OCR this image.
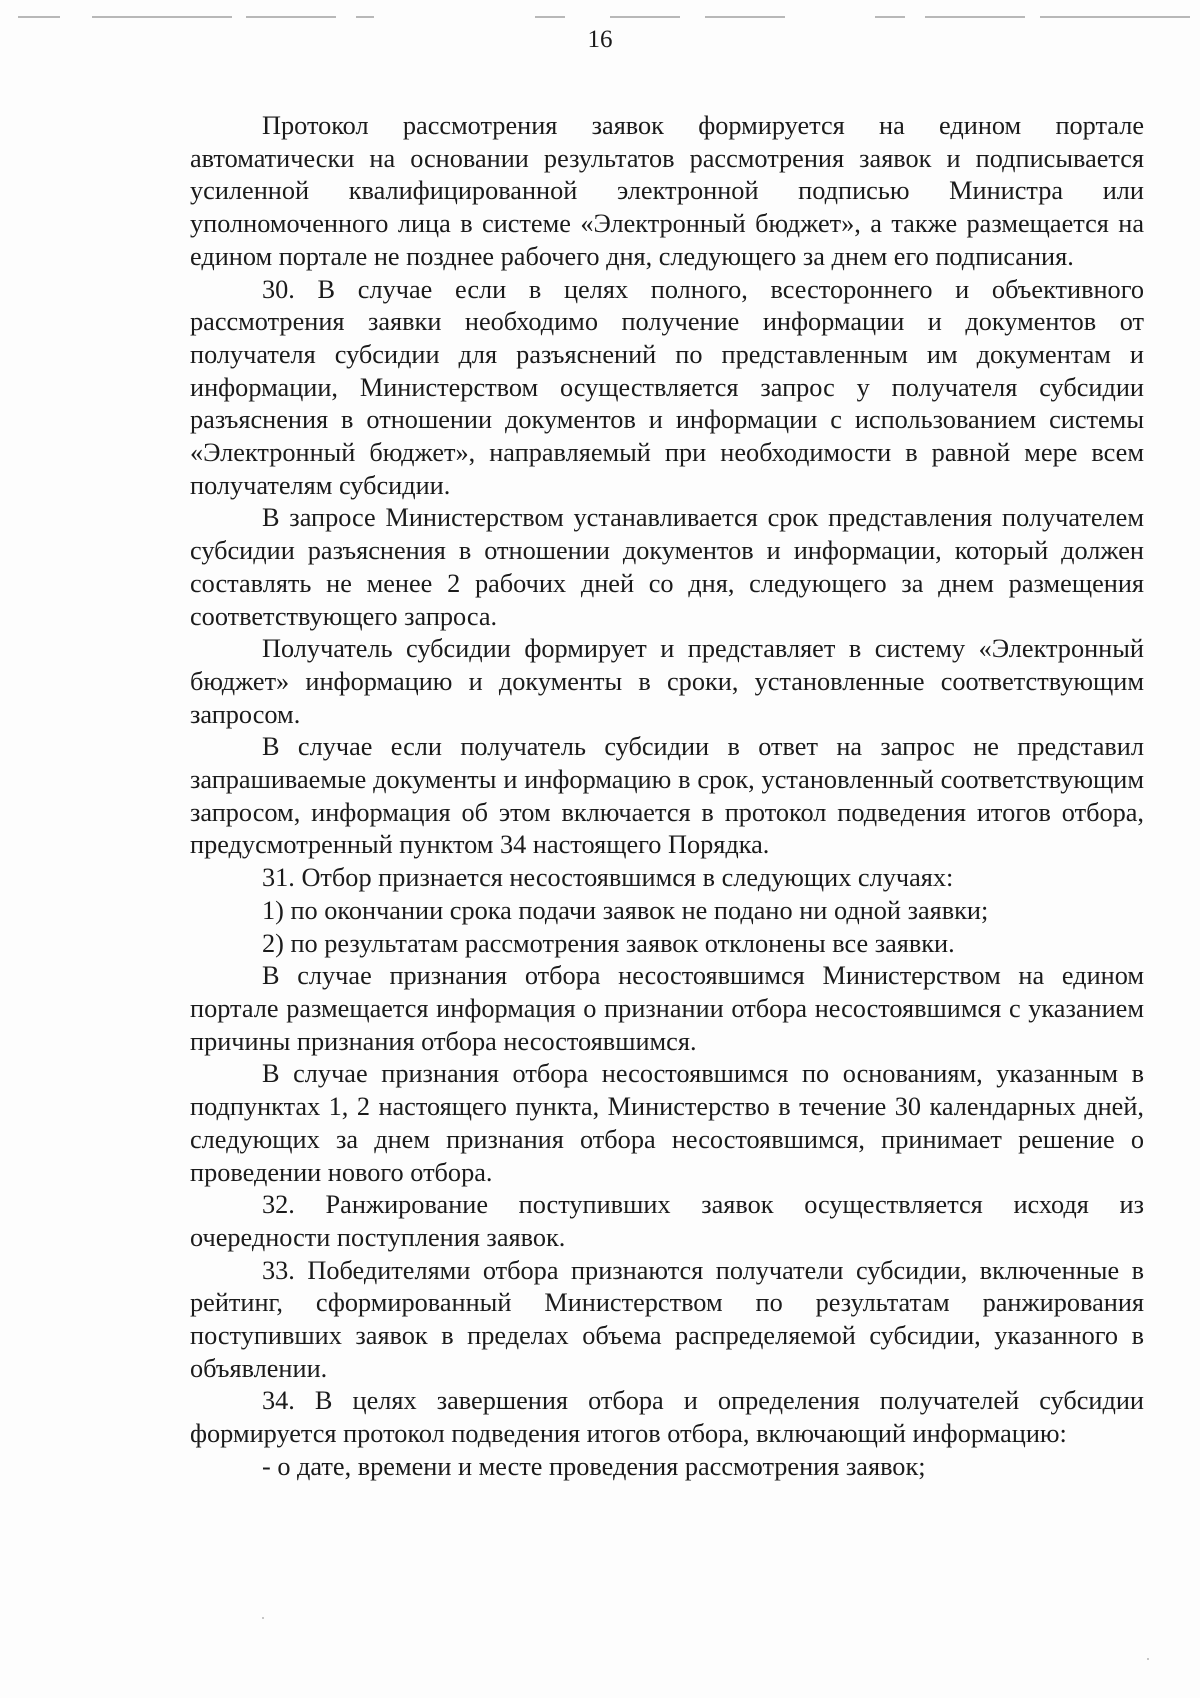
16

Протокол рассмотрения заявок формируется на едином портале автоматически на основании результатов рассмотрения заявок и подписывается усиленной квалифицированной электронной подписью Министра или уполномоченного лица в системе «Электронный бюджет», а также размещается на едином портале не позднее рабочего дня, следующего за днем его подписания.

30. В случае если в целях полного, всестороннего и объективного рассмотрения заявки необходимо получение информации и документов от получателя субсидии для разъяснений по представленным им документам и информации, Министерством осуществляется запрос у получателя субсидии разъяснения в отношении документов и информации с использованием системы «Электронный бюджет», направляемый при необходимости в равной мере всем получателям субсидии.

В запросе Министерством устанавливается срок представления получателем субсидии разъяснения в отношении документов и информации, который должен составлять не менее 2 рабочих дней со дня, следующего за днем размещения соответствующего запроса.

Получатель субсидии формирует и представляет в систему «Электронный бюджет» информацию и документы в сроки, установленные соответствующим запросом.

В случае если получатель субсидии в ответ на запрос не представил запрашиваемые документы и информацию в срок, установленный соответствующим запросом, информация об этом включается в протокол подведения итогов отбора, предусмотренный пунктом 34 настоящего Порядка.

31. Отбор признается несостоявшимся в следующих случаях:

1) по окончании срока подачи заявок не подано ни одной заявки;

2) по результатам рассмотрения заявок отклонены все заявки.

В случае признания отбора несостоявшимся Министерством на едином портале размещается информация о признании отбора несостоявшимся с указанием причины признания отбора несостоявшимся.

В случае признания отбора несостоявшимся по основаниям, указанным в подпунктах 1, 2 настоящего пункта, Министерство в течение 30 календарных дней, следующих за днем признания отбора несостоявшимся, принимает решение о проведении нового отбора.

32. Ранжирование поступивших заявок осуществляется исходя из очередности поступления заявок.

33. Победителями отбора признаются получатели субсидии, включенные в рейтинг, сформированный Министерством по результатам ранжирования поступивших заявок в пределах объема распределяемой субсидии, указанного в объявлении.

34. В целях завершения отбора и определения получателей субсидии формируется протокол подведения итогов отбора, включающий информацию:

- о дате, времени и месте проведения рассмотрения заявок;
